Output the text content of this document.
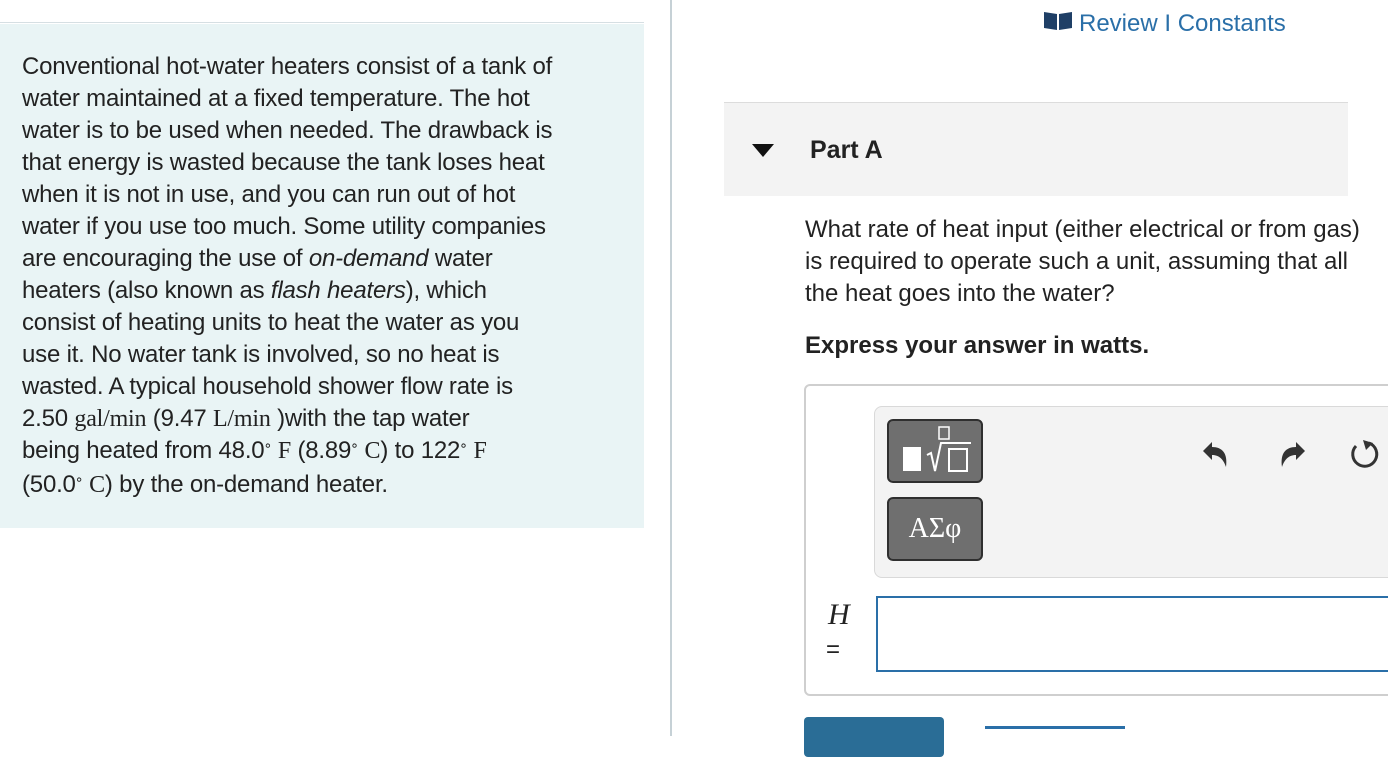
Conventional hot-water heaters consist of a tank of
water maintained at a fixed temperature. The hot
water is to be used when needed. The drawback is
that energy is wasted because the tank loses heat
when it is not in use, and you can run out of hot
water if you use too much. Some utility companies
are encouraging the use of on-demand water
heaters (also known as flash heaters), which
consist of heating units to heat the water as you
use it. No water tank is involved, so no heat is
wasted. A typical household shower flow rate is
2.50 gal/min (9.47 L/min )with the tap water
being heated from 48.0∘ F (8.89∘ C) to 122∘ F
(50.0∘ C) by the on-demand heater.
Review I Constants
Part A
What rate of heat input (either electrical or from gas) is required to operate such a unit, assuming that all the heat goes into the water?
Express your answer in watts.
ΑΣφ
H
=
